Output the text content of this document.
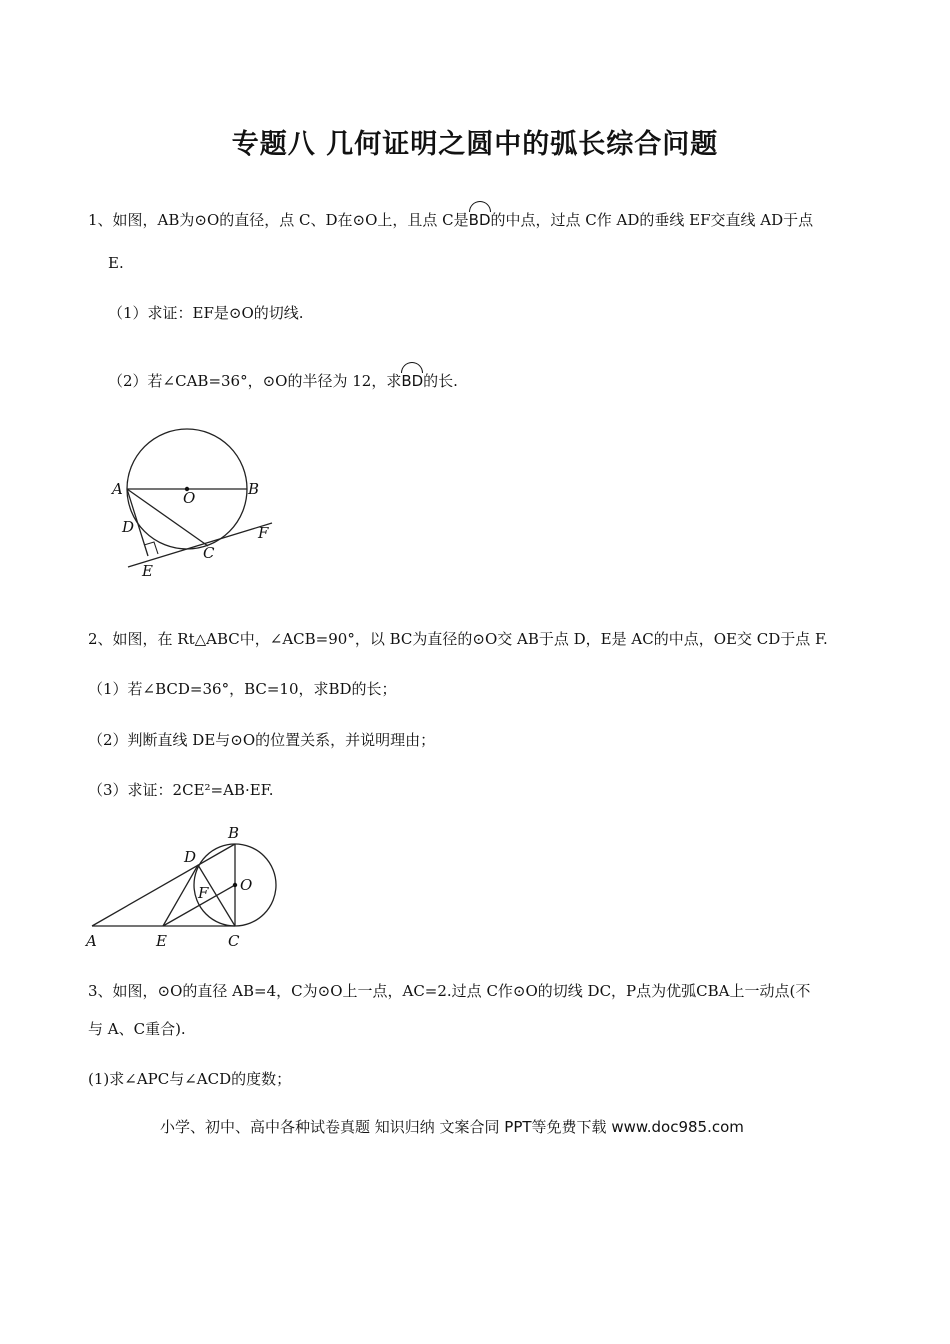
专题八 几何证明之圆中的弧长综合问题
1、如图，AB为⊙O的直径，点 C、D在⊙O上，且点 C是BD的中点，过点 C作 AD的垂线 EF交直线 AD于点
E.
（1）求证：EF是⊙O的切线.
（2）若∠CAB=36°，⊙O的半径为 12，求BD的长.
A	B
O
D
C
F
E
2、如图，在 Rt△ABC中，∠ACB=90°，以 BC为直径的⊙O交 AB于点 D，E是 AC的中点，OE交 CD于点 F.
（1）若∠BCD=36°，BC=10，求BD的长；
（2）判断直线 DE与⊙O的位置关系，并说明理由；
（3）求证：2CE²=AB·EF.
B
D
O
F
A	E	C
3、如图，⊙O的直径 AB=4，C为⊙O上一点，AC=2.过点 C作⊙O的切线 DC，P点为优弧CBA上一动点(不
与 A、C重合).
(1)求∠APC与∠ACD的度数；
小学、初中、高中各种试卷真题 知识归纳 文案合同 PPT等免费下载 www.doc985.com
